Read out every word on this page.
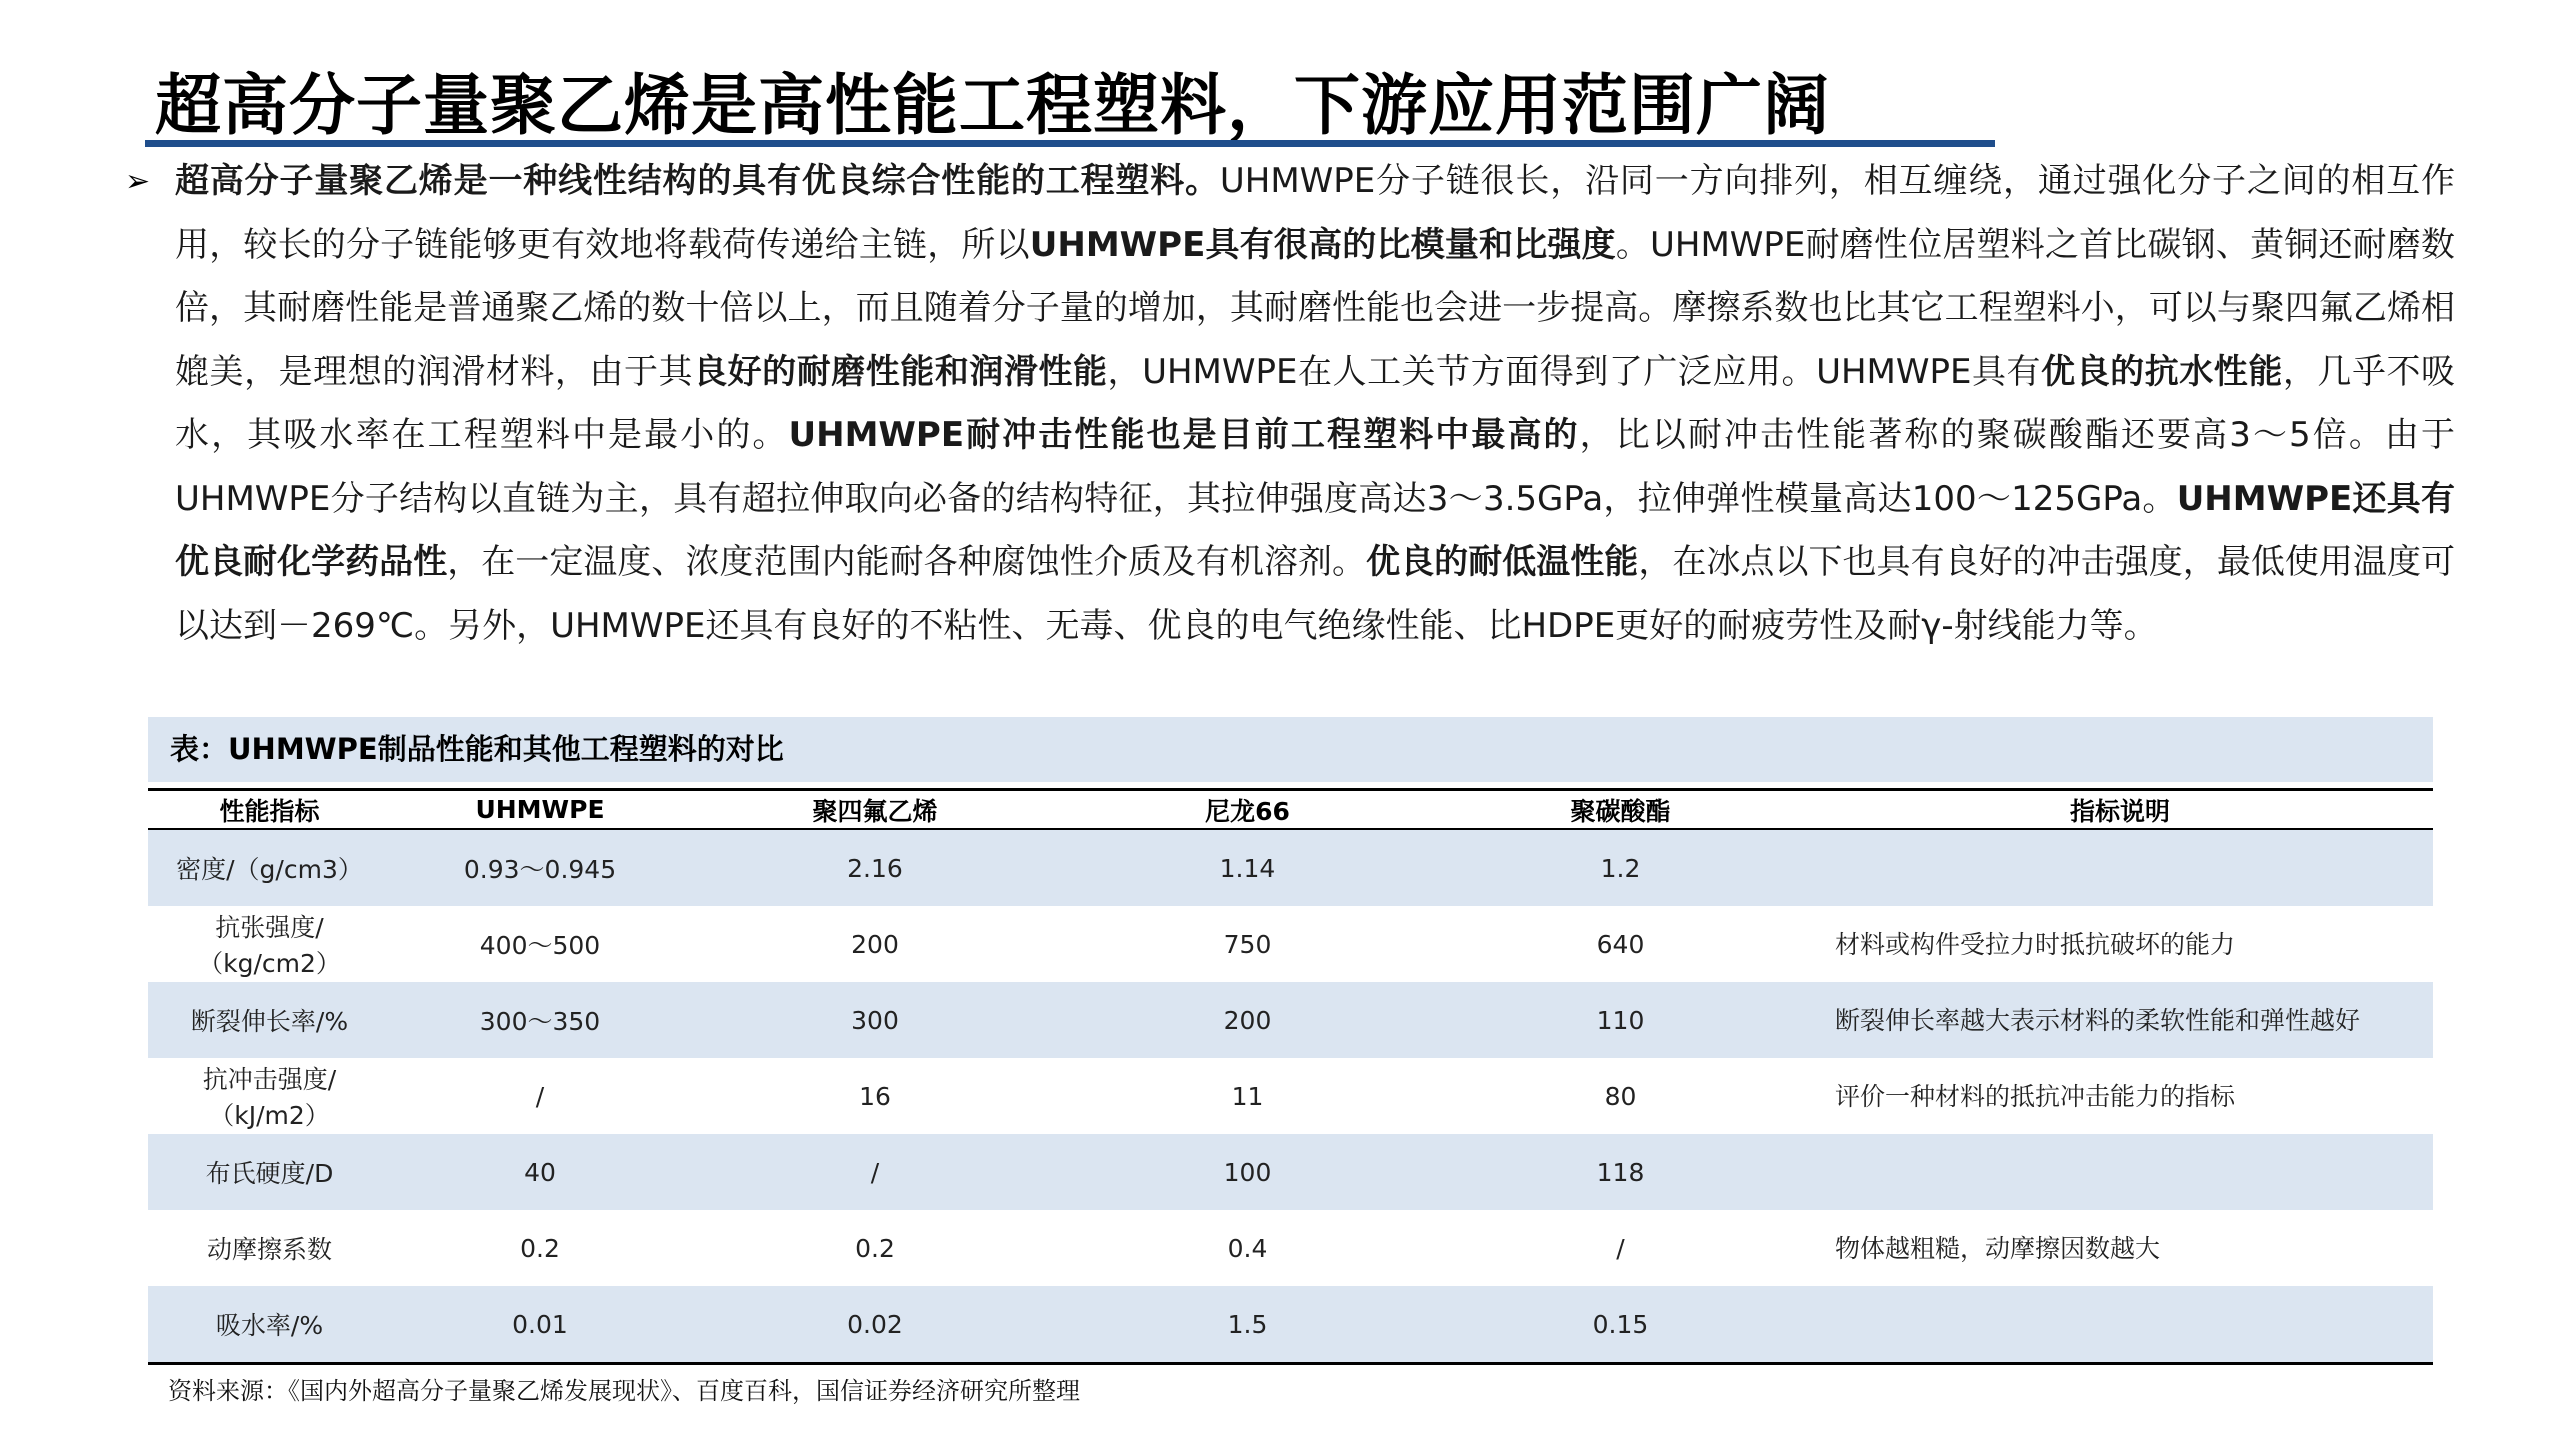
超高分子量聚乙烯是高性能工程塑料，下游应用范围广阔
➢ 超高分子量聚乙烯是一种线性结构的具有优良综合性能的工程塑料。UHMWPE分子链很长，沿同一方向排列，相互缠绕，通过强化分子之间的相互作用，较长的分子链能够更有效地将载荷传递给主链，所以UHMWPE具有很高的比模量和比强度。UHMWPE耐磨性位居塑料之首比碳钢、黄铜还耐磨数倍，其耐磨性能是普通聚乙烯的数十倍以上，而且随着分子量的增加，其耐磨性能也会进一步提高。摩擦系数也比其它工程塑料小，可以与聚四氟乙烯相媲美，是理想的润滑材料，由于其良好的耐磨性能和润滑性能，UHMWPE在人工关节方面得到了广泛应用。UHMWPE具有优良的抗水性能，几乎不吸水，其吸水率在工程塑料中是最小的。UHMWPE耐冲击性能也是目前工程塑料中最高的，比以耐冲击性能著称的聚碳酸酯还要高3～5倍。由于UHMWPE分子结构以直链为主，具有超拉伸取向必备的结构特征，其拉伸强度高达3～3.5GPa，拉伸弹性模量高达100～125GPa。UHMWPE还具有优良耐化学药品性，在一定温度、浓度范围内能耐各种腐蚀性介质及有机溶剂。优良的耐低温性能，在冰点以下也具有良好的冲击强度，最低使用温度可以达到－269℃。另外，UHMWPE还具有良好的不粘性、无毒、优良的电气绝缘性能、比HDPE更好的耐疲劳性及耐γ-射线能力等。
表：UHMWPE制品性能和其他工程塑料的对比
性能指标	UHMWPE	聚四氟乙烯	尼龙66	聚碳酸酯	指标说明
密度/（g/cm3）	0.93～0.945	2.16	1.14	1.2	
抗张强度/（kg/cm2）	400～500	200	750	640	材料或构件受拉力时抵抗破坏的能力
断裂伸长率/%	300～350	300	200	110	断裂伸长率越大表示材料的柔软性能和弹性越好
抗冲击强度/（kJ/m2）	/	16	11	80	评价一种材料的抵抗冲击能力的指标
布氏硬度/D	40	/	100	118	
动摩擦系数	0.2	0.2	0.4	/	物体越粗糙，动摩擦因数越大
吸水率/%	0.01	0.02	1.5	0.15	
资料来源：《国内外超高分子量聚乙烯发展现状》、百度百科，国信证券经济研究所整理
